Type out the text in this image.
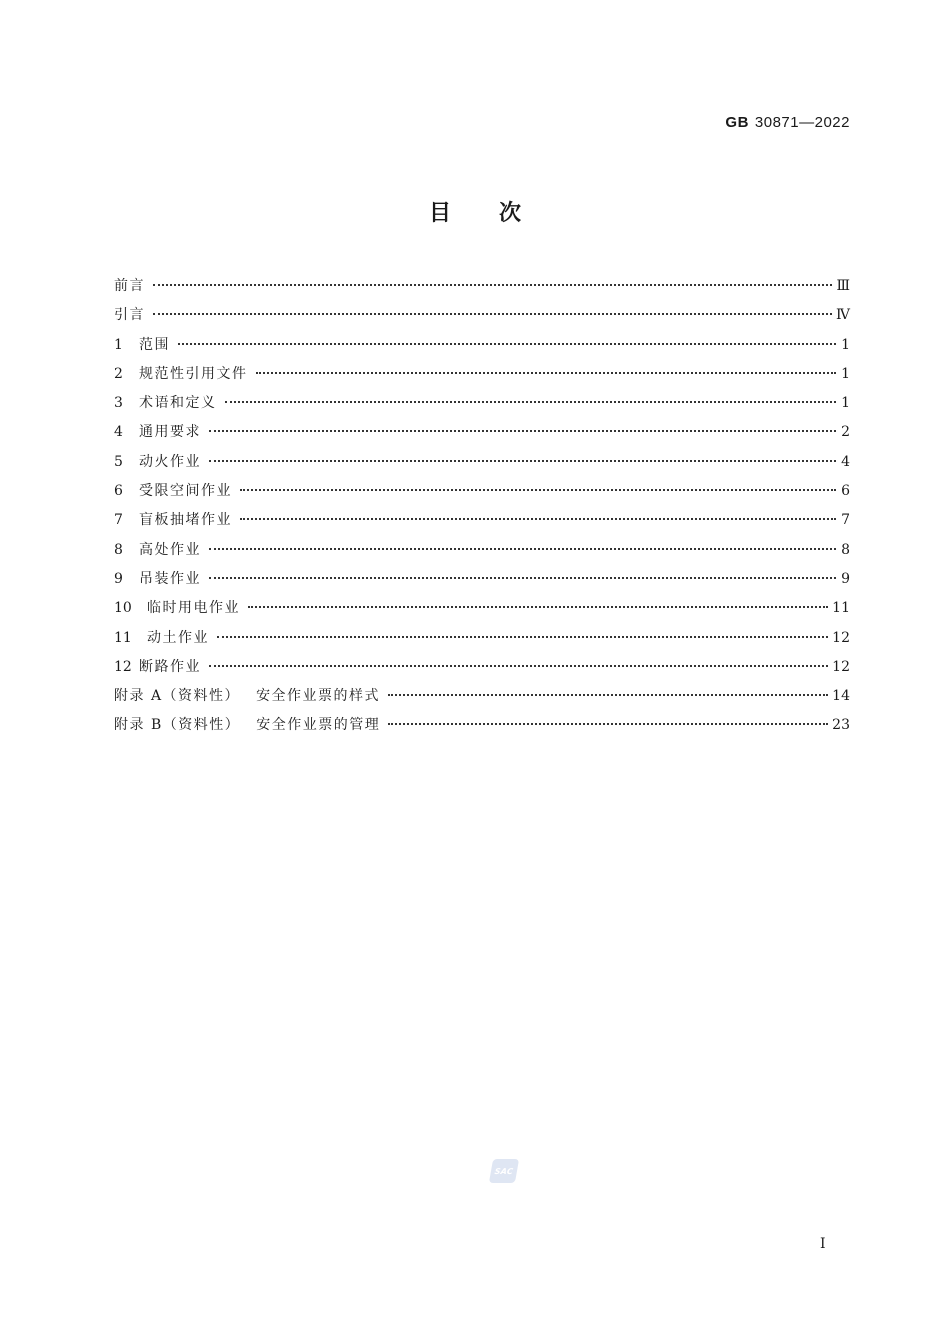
GB 30871—2022
目次
前言	Ⅲ
引言	Ⅳ
1	范围	1
2	规范性引用文件	1
3	术语和定义	1
4	通用要求	2
5	动火作业	4
6	受限空间作业	6
7	盲板抽堵作业	7
8	高处作业	8
9	吊装作业	9
10	临时用电作业	11
11	动土作业	12
12 断路作业	12
附录 A（资料性） 安全作业票的样式	14
附录 B（资料性） 安全作业票的管理	23
SAC
Ⅰ
